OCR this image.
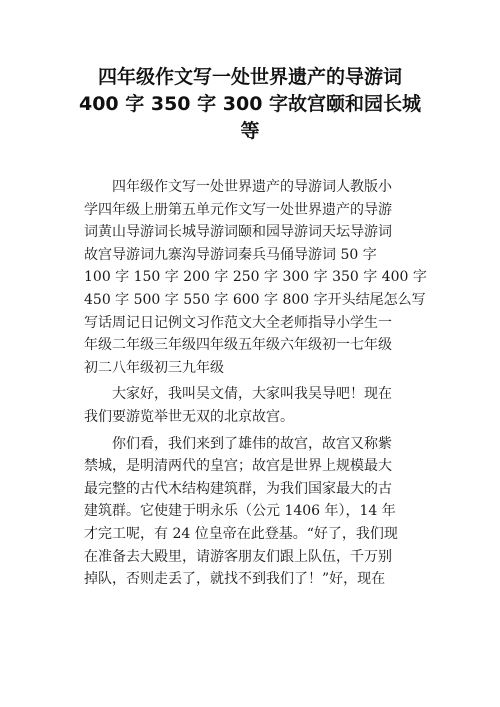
四年级作文写一处世界遗产的导游词
400 字 350 字 300 字故宫颐和园长城
等

　　四年级作文写一处世界遗产的导游词人教版小
学四年级上册第五单元作文写一处世界遗产的导游
词黄山导游词长城导游词颐和园导游词天坛导游词
故宫导游词九寨沟导游词秦兵马俑导游词 50 字
100 字 150 字 200 字 250 字 300 字 350 字 400 字
450 字 500 字 550 字 600 字 800 字开头结尾怎么写
写话周记日记例文习作范文大全老师指导小学生一
年级二年级三年级四年级五年级六年级初一七年级
初二八年级初三九年级

　　大家好，我叫吴文倩，大家叫我吴导吧！现在
我们要游览举世无双的北京故宫。

　　你们看，我们来到了雄伟的故宫，故宫又称紫
禁城，是明清两代的皇宫；故宫是世界上规模最大
最完整的古代木结构建筑群，为我们国家最大的古
建筑群。它使建于明永乐（公元 1406 年），14 年
才完工呢，有 24 位皇帝在此登基。“好了，我们现
在准备去大殿里，请游客朋友们跟上队伍，千万别
掉队，否则走丢了，就找不到我们了！”好，现在
